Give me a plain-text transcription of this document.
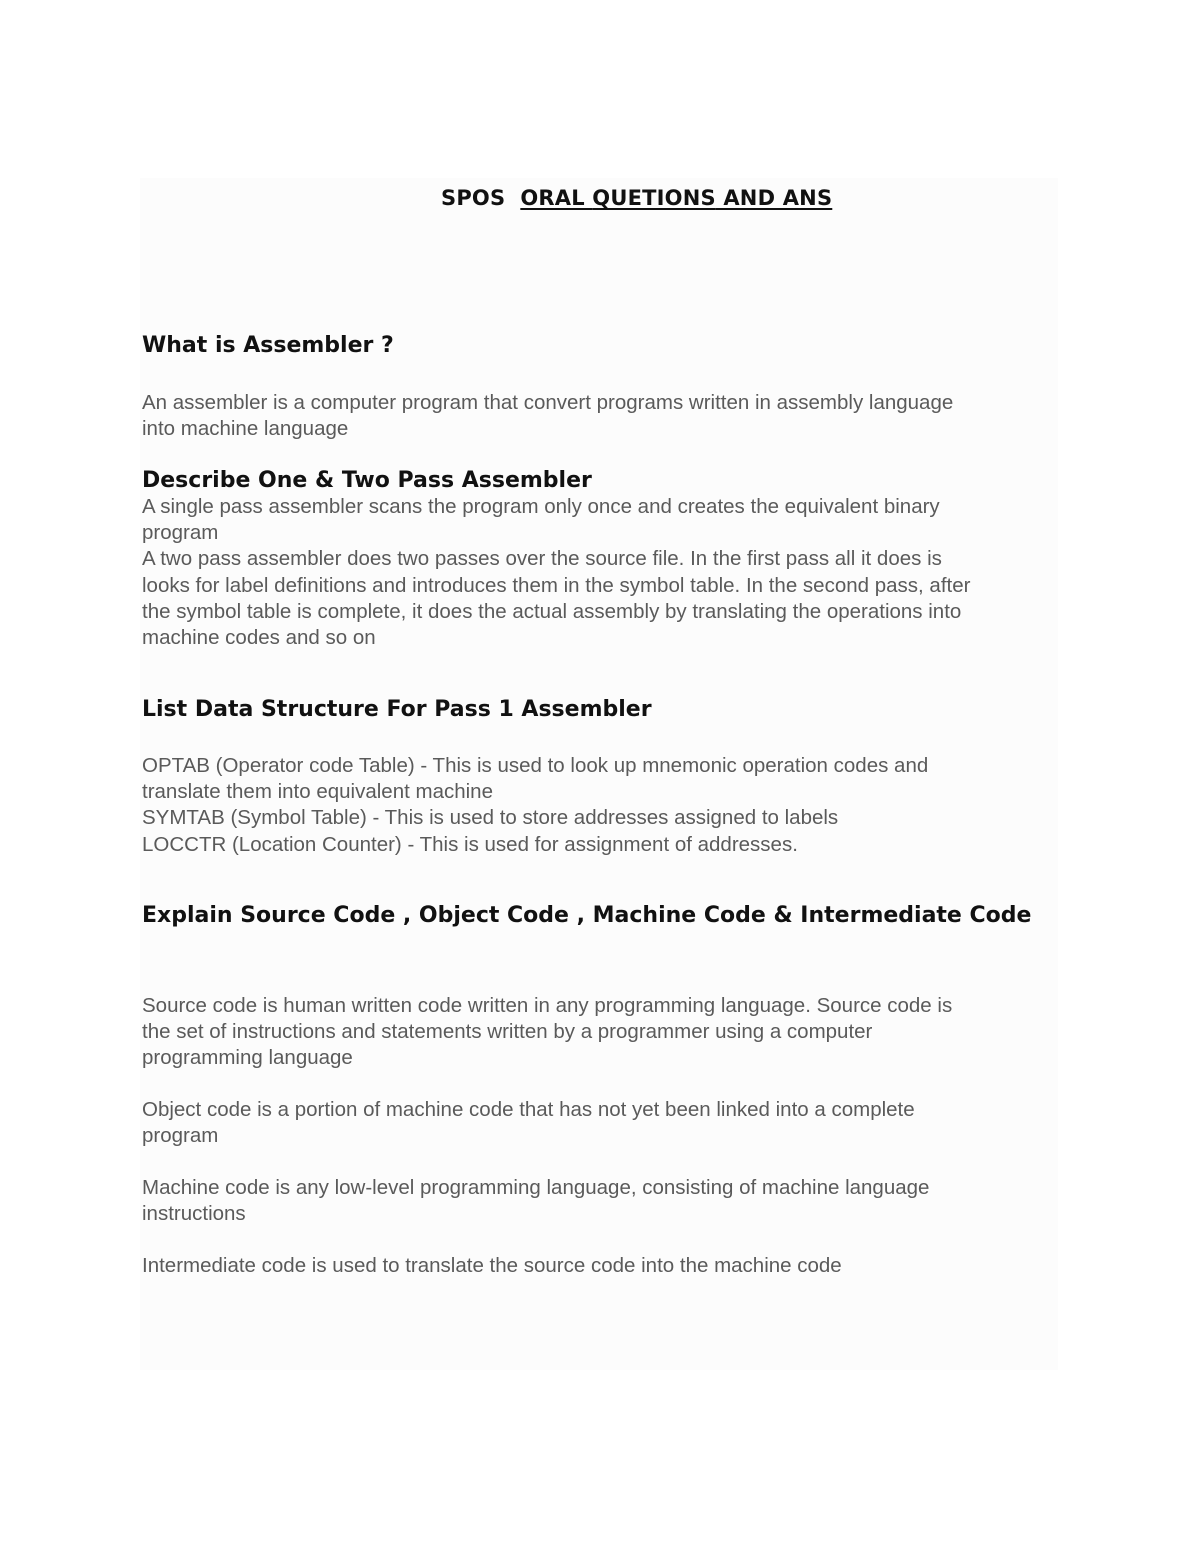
SPOS  ORAL QUETIONS AND ANS
What is Assembler ?
An assembler is a computer program that convert programs written in assembly language
into machine language
Describe One & Two Pass Assembler
A single pass assembler scans the program only once and creates the equivalent binary
program
A two pass assembler does two passes over the source file. In the first pass all it does is
looks for label definitions and introduces them in the symbol table. In the second pass, after
the symbol table is complete, it does the actual assembly by translating the operations into
machine codes and so on
List Data Structure For Pass 1 Assembler
OPTAB (Operator code Table) - This is used to look up mnemonic operation codes and
translate them into equivalent machine
SYMTAB (Symbol Table) - This is used to store addresses assigned to labels
LOCCTR (Location Counter) - This is used for assignment of addresses.
Explain Source Code , Object Code , Machine Code & Intermediate Code
Source code is human written code written in any programming language. Source code is
the set of instructions and statements written by a programmer using a computer
programming language
Object code is a portion of machine code that has not yet been linked into a complete
program
Machine code is any low-level programming language, consisting of machine language
instructions
Intermediate code is used to translate the source code into the machine code
